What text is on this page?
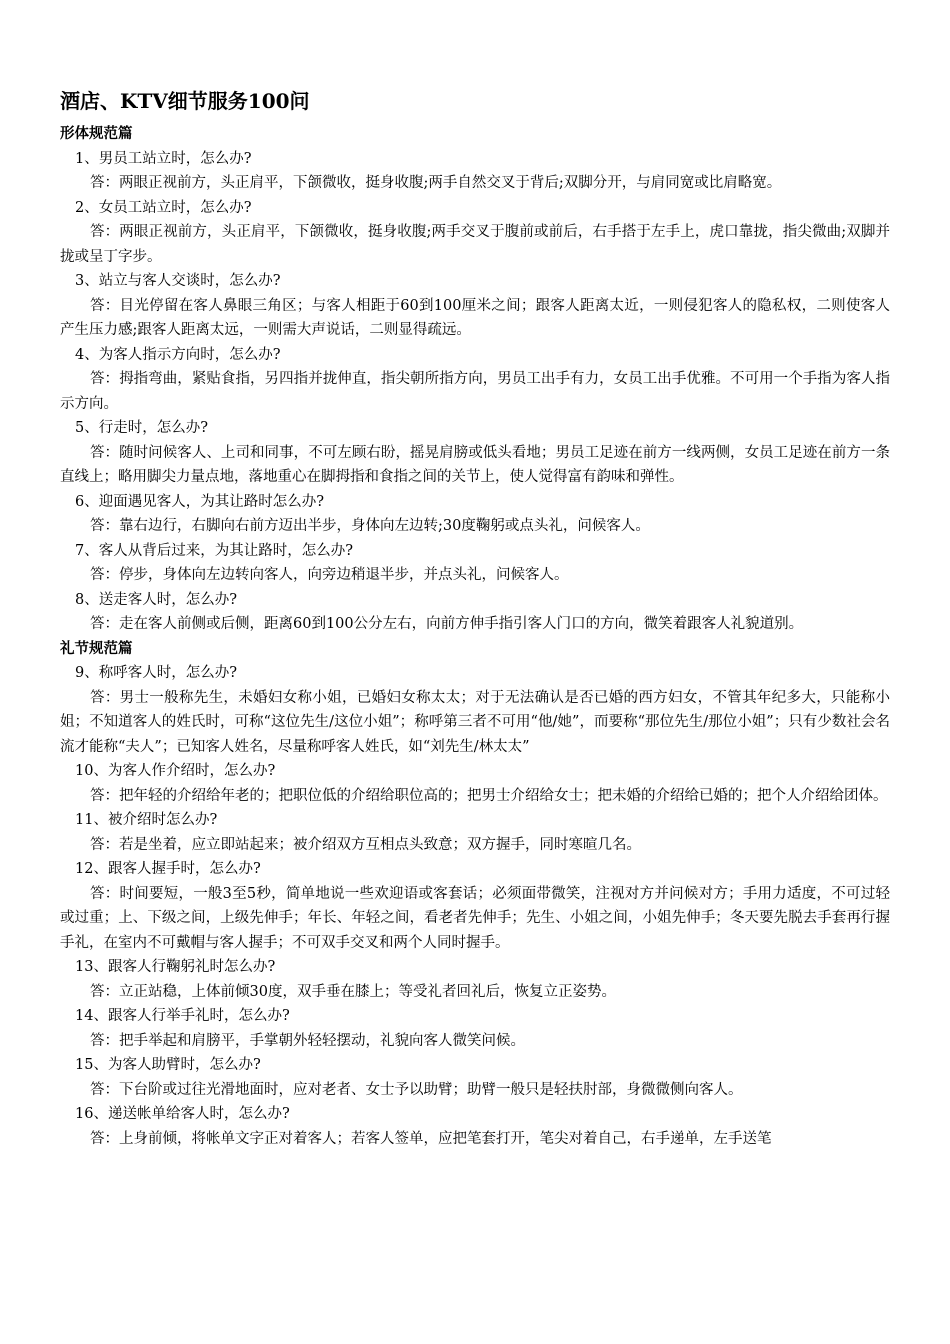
酒店、KTV细节服务100问

形体规范篇

1、男员工站立时，怎么办?

答：两眼正视前方，头正肩平，下颌微收，挺身收腹;两手自然交叉于背后;双脚分开，与肩同宽或比肩略宽。

2、女员工站立时，怎么办?

答：两眼正视前方，头正肩平，下颌微收，挺身收腹;两手交叉于腹前或前后，右手搭于左手上，虎口靠拢，指尖微曲;双脚并拢或呈丁字步。

3、站立与客人交谈时，怎么办?

答：目光停留在客人鼻眼三角区；与客人相距于60到100厘米之间；跟客人距离太近，一则侵犯客人的隐私权，二则使客人产生压力感;跟客人距离太远，一则需大声说话，二则显得疏远。

4、为客人指示方向时，怎么办?

答：拇指弯曲，紧贴食指，另四指并拢伸直，指尖朝所指方向，男员工出手有力，女员工出手优雅。不可用一个手指为客人指示方向。

5、行走时，怎么办?

答：随时问候客人、上司和同事，不可左顾右盼，摇晃肩膀或低头看地；男员工足迹在前方一线两侧，女员工足迹在前方一条直线上；略用脚尖力量点地，落地重心在脚拇指和食指之间的关节上，使人觉得富有韵味和弹性。

6、迎面遇见客人，为其让路时怎么办?

答：靠右边行，右脚向右前方迈出半步，身体向左边转;30度鞠躬或点头礼，问候客人。

7、客人从背后过来，为其让路时，怎么办?

答：停步，身体向左边转向客人，向旁边稍退半步，并点头礼，问候客人。

8、送走客人时，怎么办?

答：走在客人前侧或后侧，距离60到100公分左右，向前方伸手指引客人门口的方向，微笑着跟客人礼貌道别。

礼节规范篇

9、称呼客人时，怎么办?

答：男士一般称先生，未婚妇女称小姐，已婚妇女称太太；对于无法确认是否已婚的西方妇女，不管其年纪多大，只能称小姐；不知道客人的姓氏时，可称“这位先生/这位小姐”；称呼第三者不可用“他/她”，而要称“那位先生/那位小姐”；只有少数社会名流才能称“夫人”；已知客人姓名，尽量称呼客人姓氏，如“刘先生/林太太”

10、为客人作介绍时，怎么办?

答：把年轻的介绍给年老的；把职位低的介绍给职位高的；把男士介绍给女士；把未婚的介绍给已婚的；把个人介绍给团体。

11、被介绍时怎么办?

答：若是坐着，应立即站起来；被介绍双方互相点头致意；双方握手，同时寒暄几名。

12、跟客人握手时，怎么办?

答：时间要短，一般3至5秒，简单地说一些欢迎语或客套话；必须面带微笑，注视对方并问候对方；手用力适度，不可过轻或过重；上、下级之间，上级先伸手；年长、年轻之间，看老者先伸手；先生、小姐之间，小姐先伸手；冬天要先脱去手套再行握手礼，在室内不可戴帽与客人握手；不可双手交叉和两个人同时握手。

13、跟客人行鞠躬礼时怎么办?

答：立正站稳，上体前倾30度，双手垂在膝上；等受礼者回礼后，恢复立正姿势。

14、跟客人行举手礼时，怎么办?

答：把手举起和肩膀平，手掌朝外轻轻摆动，礼貌向客人微笑问候。

15、为客人助臂时，怎么办?

答：下台阶或过往光滑地面时，应对老者、女士予以助臂；助臂一般只是轻扶肘部，身微微侧向客人。

16、递送帐单给客人时，怎么办?

答：上身前倾，将帐单文字正对着客人；若客人签单，应把笔套打开，笔尖对着自己，右手递单，左手送笔
